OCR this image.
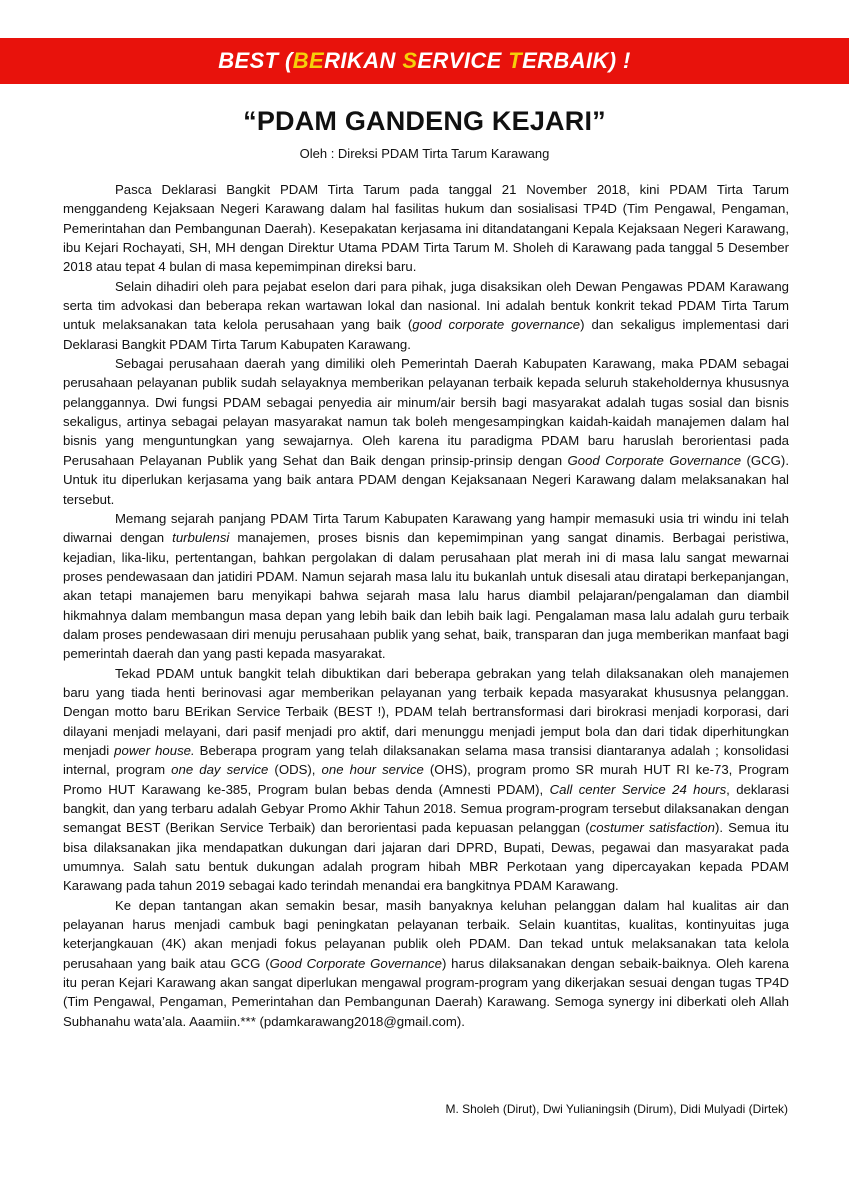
BEST (BERIKAN SERVICE TERBAIK) !
“PDAM GANDENG KEJARI”
Oleh : Direksi PDAM Tirta Tarum Karawang

Pasca Deklarasi Bangkit PDAM Tirta Tarum pada tanggal 21 November 2018, kini PDAM Tirta Tarum menggandeng Kejaksaan Negeri Karawang dalam hal fasilitas hukum dan sosialisasi TP4D (Tim Pengawal, Pengaman, Pemerintahan dan Pembangunan Daerah). Kesepakatan kerjasama ini ditandatangani Kepala Kejaksaan Negeri Karawang, ibu Kejari Rochayati, SH, MH dengan Direktur Utama PDAM Tirta Tarum M. Sholeh di Karawang pada tanggal 5 Desember 2018 atau tepat 4 bulan di masa kepemimpinan direksi baru.

Selain dihadiri oleh para pejabat eselon dari para pihak, juga disaksikan oleh Dewan Pengawas PDAM Karawang serta tim advokasi dan beberapa rekan wartawan lokal dan nasional. Ini adalah bentuk konkrit tekad PDAM Tirta Tarum untuk melaksanakan tata kelola perusahaan yang baik (good corporate governance) dan sekaligus implementasi dari Deklarasi Bangkit PDAM Tirta Tarum Kabupaten Karawang.

Sebagai perusahaan daerah yang dimiliki oleh Pemerintah Daerah Kabupaten Karawang, maka PDAM sebagai perusahaan pelayanan publik sudah selayaknya memberikan pelayanan terbaik kepada seluruh stakeholdernya khususnya pelanggannya. Dwi fungsi PDAM sebagai penyedia air minum/air bersih bagi masyarakat adalah tugas sosial dan bisnis sekaligus, artinya sebagai pelayan masyarakat namun tak boleh mengesampingkan kaidah-kaidah manajemen dalam hal bisnis yang menguntungkan yang sewajarnya. Oleh karena itu paradigma PDAM baru haruslah berorientasi pada Perusahaan Pelayanan Publik yang Sehat dan Baik dengan prinsip-prinsip dengan Good Corporate Governance (GCG). Untuk itu diperlukan kerjasama yang baik antara PDAM dengan Kejaksanaan Negeri Karawang dalam melaksanakan hal tersebut.

Memang sejarah panjang PDAM Tirta Tarum Kabupaten Karawang yang hampir memasuki usia tri windu ini telah diwarnai dengan turbulensi manajemen, proses bisnis dan kepemimpinan yang sangat dinamis. Berbagai peristiwa, kejadian, lika-liku, pertentangan, bahkan pergolakan di dalam perusahaan plat merah ini di masa lalu sangat mewarnai proses pendewasaan dan jatidiri PDAM. Namun sejarah masa lalu itu bukanlah untuk disesali atau diratapi berkepanjangan, akan tetapi manajemen baru menyikapi bahwa sejarah masa lalu harus diambil pelajaran/pengalaman dan diambil hikmahnya dalam membangun masa depan yang lebih baik dan lebih baik lagi. Pengalaman masa lalu adalah guru terbaik dalam proses pendewasaan diri menuju perusahaan publik yang sehat, baik, transparan dan juga memberikan manfaat bagi pemerintah daerah dan yang pasti kepada masyarakat.

Tekad PDAM untuk bangkit telah dibuktikan dari beberapa gebrakan yang telah dilaksanakan oleh manajemen baru yang tiada henti berinovasi agar memberikan pelayanan yang terbaik kepada masyarakat khususnya pelanggan. Dengan motto baru BErikan Service Terbaik (BEST !), PDAM telah bertransformasi dari birokrasi menjadi korporasi, dari dilayani menjadi melayani, dari pasif menjadi pro aktif, dari menunggu menjadi jemput bola dan dari tidak diperhitungkan menjadi power house. Beberapa program yang telah dilaksanakan selama masa transisi diantaranya adalah ; konsolidasi internal, program one day service (ODS), one hour service (OHS), program promo SR murah HUT RI ke-73, Program Promo HUT Karawang ke-385, Program bulan bebas denda (Amnesti PDAM), Call center Service 24 hours, deklarasi bangkit, dan yang terbaru adalah Gebyar Promo Akhir Tahun 2018. Semua program-program tersebut dilaksanakan dengan semangat BEST (Berikan Service Terbaik) dan berorientasi pada kepuasan pelanggan (costumer satisfaction). Semua itu bisa dilaksanakan jika mendapatkan dukungan dari jajaran dari DPRD, Bupati, Dewas, pegawai dan masyarakat pada umumnya. Salah satu bentuk dukungan adalah program hibah MBR Perkotaan yang dipercayakan kepada PDAM Karawang pada tahun 2019 sebagai kado terindah menandai era bangkitnya PDAM Karawang.

Ke depan tantangan akan semakin besar, masih banyaknya keluhan pelanggan dalam hal kualitas air dan pelayanan harus menjadi cambuk bagi peningkatan pelayanan terbaik. Selain kuantitas, kualitas, kontinyuitas juga keterjangkauan (4K) akan menjadi fokus pelayanan publik oleh PDAM. Dan tekad untuk melaksanakan tata kelola perusahaan yang baik atau GCG (Good Corporate Governance) harus dilaksanakan dengan sebaik-baiknya. Oleh karena itu peran Kejari Karawang akan sangat diperlukan mengawal program-program yang dikerjakan sesuai dengan tugas TP4D (Tim Pengawal, Pengaman, Pemerintahan dan Pembangunan Daerah) Karawang. Semoga synergy ini diberkati oleh Allah Subhanahu wata’ala. Aaamiin.*** (pdamkarawang2018@gmail.com).

M. Sholeh (Dirut), Dwi Yulianingsih (Dirum), Didi Mulyadi (Dirtek)
